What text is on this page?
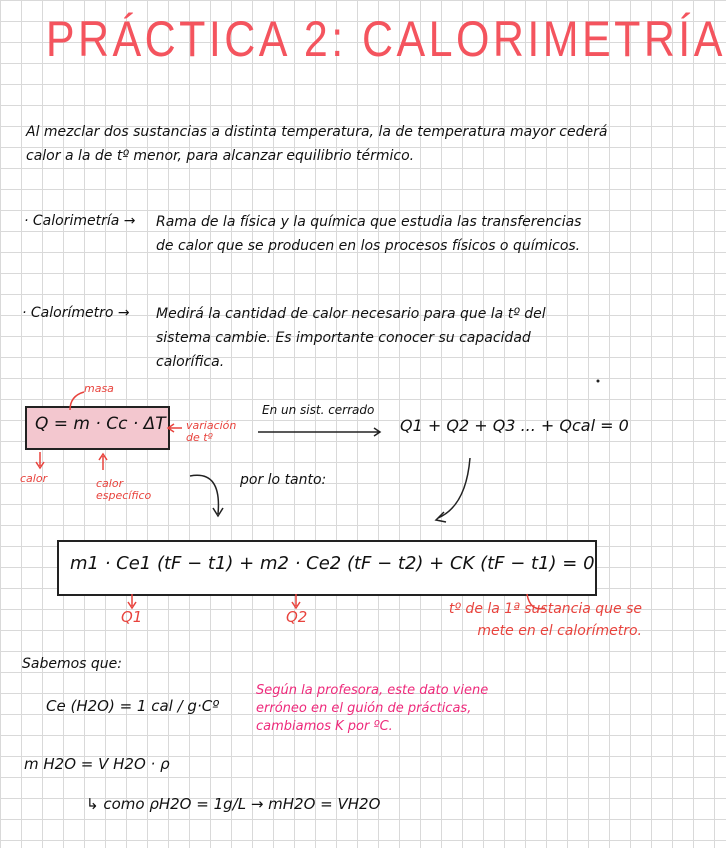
PRÁCTICA 2: CALORIMETRÍA

Al mezclar dos sustancias a distinta temperatura, la de temperatura mayor cederá calor a la de tº menor, para alcanzar equilibrio térmico.

· Calorimetría → Rama de la física y la química que estudia las transferencias de calor que se producen en los procesos físicos o químicos.

· Calorímetro → Medirá la cantidad de calor necesario para que la tº del sistema cambie. Es importante conocer su capacidad calorífica.

Q = m · Cc · ΔT
masa
calor	calor específico
variación de tº
En un sist. cerrado
Q1 + Q2 + Q3 ... + Qcal = 0
por lo tanto:
m1 · Ce1 (tF − t1) + m2 · Ce2 (tF − t2) + CK (tF − t1) = 0
Q1	Q2	tº de la 1ª sustancia que se mete en el calorímetro.

Sabemos que:
Ce (H2O) = 1 cal / g·Cº

Según la profesora, este dato viene erróneo en el guión de prácticas, cambiamos K por ºC.

m H2O = V H2O · ρ
↳ como ρH2O = 1g/L → mH2O = VH2O
